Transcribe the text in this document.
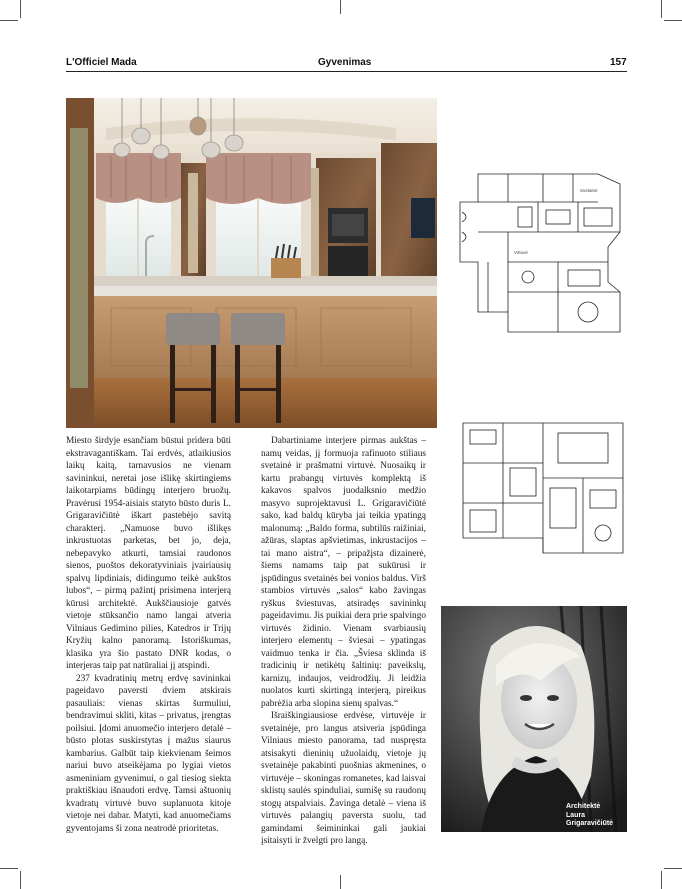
L'Officiel Mada	Gyvenimas	157
Svetainė
Virtuvė

Miesto širdyje esančiam būstui pridera būti ekstravagantiškam. Tai erdvės, atlaikiusios laikų kaitą, tarnavusios ne vienam savininkui, neretai jose išlikę skirtingiems laikotarpiams būdingų interjero bruožų. Pravėrusi 1954-aisiais statyto būsto duris L. Grigaravičiūtė iškart pastebėjo savitą charakterį. „Namuose buvo išlikęs inkrustuotas parketas, bet jo, deja, nebepavyko atkurti, tamsiai raudonos sienos, puoštos dekoratyviniais įvairiausių spalvų lipdiniais, didingumo teikė aukštos lubos“, – pirmą pažintį prisimena interjerą kūrusi architektė. Aukščiausioje gatvės vietoje stūksančio namo langai atveria Vilniaus Gedimino pilies, Katedros ir Trijų Kryžių kalno panoramą. Istoriškumas, klasika yra šio pastato DNR kodas, o interjeras taip pat natūraliai jį atspindi.

237 kvadratinių metrų erdvę savininkai pageidavo paversti dviem atskirais pasauliais: vienas skirtas šurmuliui, bendravimui skliti, kitas – privatus, įrengtas poilsiui. Įdomi anuomečio interjero detalė – būsto plotas suskirstytas į mažus siaurus kambarius. Galbūt taip kiekvienam šeimos nariui buvo atseikėjama po lygiai vietos asmeniniam gyvenimui, o gal tiesiog siekta praktiškiau išnaudoti erdvę. Tamsi aštuonių kvadratų virtuvė buvo suplanuota kitoje vietoje nei dabar. Matyti, kad anuomečiams gyventojams ši zona neatrodė prioritetas.

Dabartiniame interjere pirmas aukštas – namų veidas, jį formuoja rafinuoto stiliaus svetainė ir prašmatni virtuvė. Nuosaikų ir kartu prabangų virtuvės komplektą iš kakavos spalvos juodalksnio medžio masyvo suprojektavusi L. Grigaravičiūtė sako, kad baldų kūryba jai teikia ypatingą malonumą: „Baldo forma, subtilūs raižiniai, ažūras, slaptas apšvietimas, inkrustacijos – tai mano aistra“, – pripažįsta dizainerė, šiems namams taip pat sukūrusi ir įspūdingus svetainės bei vonios baldus. Virš stambios virtuvės „salos“ kabo žavingas ryškus šviestuvas, atsiradęs savininkų pageidavimu. Jis puikiai dera prie spalvingo virtuvės židinio. Vienam svarbiausių interjero elementų – šviesai – ypatingas vaidmuo tenka ir čia. „Šviesa sklinda iš tradicinių ir netikėtų šaltinių: paveikslų, karnizų, indaujos, veidrodžių. Ji leidžia nuolatos kurti skirtingą interjerą, pireikus pabrėžia arba slopina sienų spalvas.“

Išraiškingiausiose erdvėse, virtuvėje ir svetainėje, pro langus atsiveria įspūdinga Vilniaus miesto panorama, tad nuspręsta atsisakyti dieninių užuolaidų, vietoje jų svetainėje pakabinti puošnias akmenines, o virtuvėje – skoningas romanetes, kad laisvai sklistų saulės spinduliai, sumišę su raudonų stogų atspalviais. Žavinga detalė – viena iš virtuvės palangių paversta suolu, tad gamindami šeimininkai gali jaukiai įsitaisyti ir žvelgti pro langą.

Architektė
Laura
Grigaravičiūtė
